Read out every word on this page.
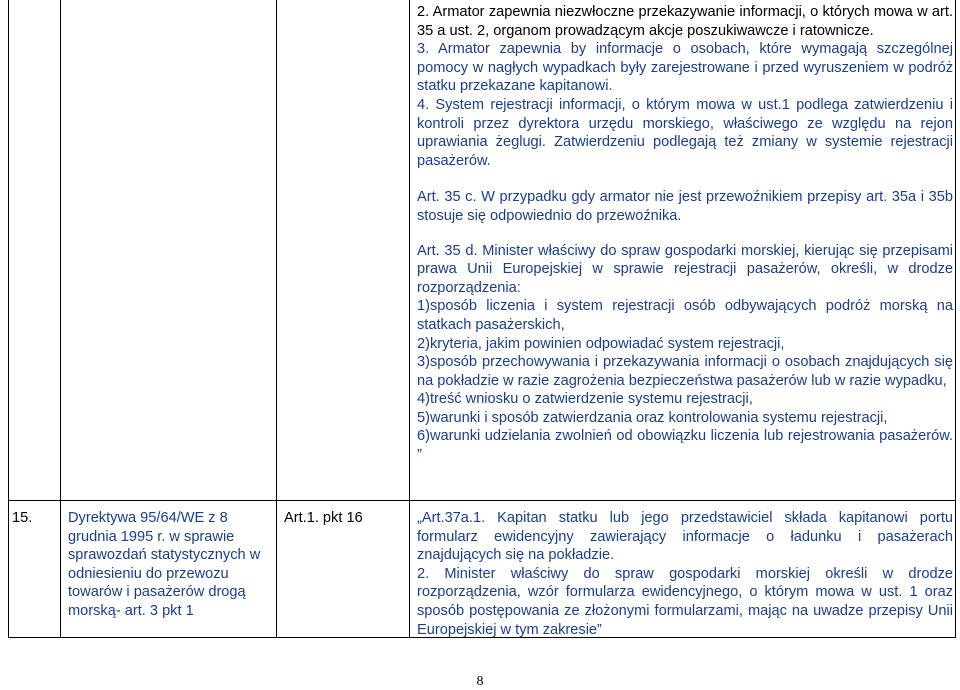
2. Armator zapewnia niezwłoczne przekazywanie informacji, o których mowa w art. 35 a ust. 2, organom prowadzącym akcje poszukiwawcze i ratownicze.

3. Armator zapewnia by informacje o osobach, które wymagają szczególnej pomocy w nagłych wypadkach były zarejestrowane i przed wyruszeniem w podróż statku przekazane kapitanowi.

4. System rejestracji informacji, o którym mowa w ust.1 podlega zatwierdzeniu i kontroli przez dyrektora urzędu morskiego, właściwego ze względu na rejon uprawiania żeglugi. Zatwierdzeniu podlegają też zmiany w systemie rejestracji pasażerów.

Art. 35 c. W przypadku gdy armator nie jest przewoźnikiem przepisy art. 35a i 35b stosuje się odpowiednio do przewoźnika.

Art. 35 d. Minister właściwy do spraw gospodarki morskiej, kierując się przepisami prawa Unii Europejskiej w sprawie rejestracji pasażerów, określi, w drodze rozporządzenia:

1)sposób liczenia i system rejestracji osób odbywających podróż morską na statkach pasażerskich,

2)kryteria, jakim powinien odpowiadać system rejestracji,

3)sposób przechowywania i przekazywania informacji o osobach znajdujących się na pokładzie w razie zagrożenia bezpieczeństwa pasażerów lub w razie wypadku,

4)treść wniosku o zatwierdzenie systemu rejestracji,

5)warunki i sposób zatwierdzania oraz kontrolowania systemu rejestracji,

6)warunki udzielania zwolnień od obowiązku liczenia lub rejestrowania pasażerów. ”

15.	Dyrektywa 95/64/WE z 8 grudnia 1995 r. w sprawie sprawozdań statystycznych w odniesieniu do przewozu towarów i pasażerów drogą morską- art. 3 pkt 1
Art.1. pkt 16	„Art.37a.1. Kapitan statku lub jego przedstawiciel składa kapitanowi portu formularz ewidencyjny zawierający informacje o ładunku i pasażerach znajdujących się na pokładzie.

2. Minister właściwy do spraw gospodarki morskiej określi w drodze rozporządzenia, wzór formularza ewidencyjnego, o którym mowa w ust. 1 oraz sposób postępowania ze złożonymi formularzami, mając na uwadze przepisy Unii Europejskiej w tym zakresie”

8
